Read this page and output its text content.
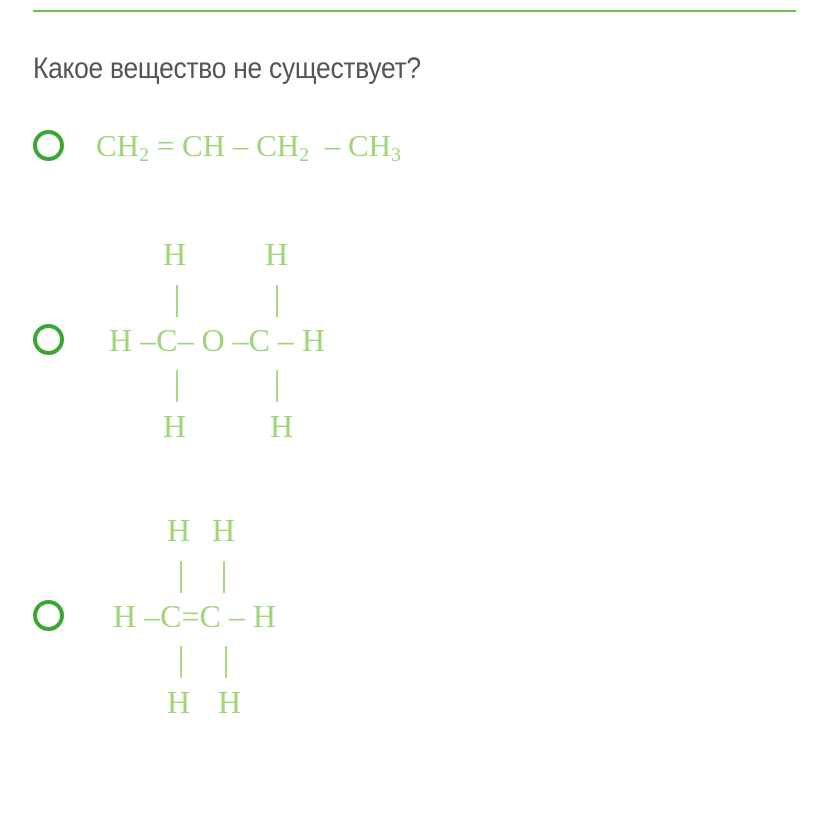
Какое вещество не существует?
$CH_2$ = CH – $CH_2 - CH_3$
H H
H –C– O –C – H
H	H
H H
H –C=C – H
H H
